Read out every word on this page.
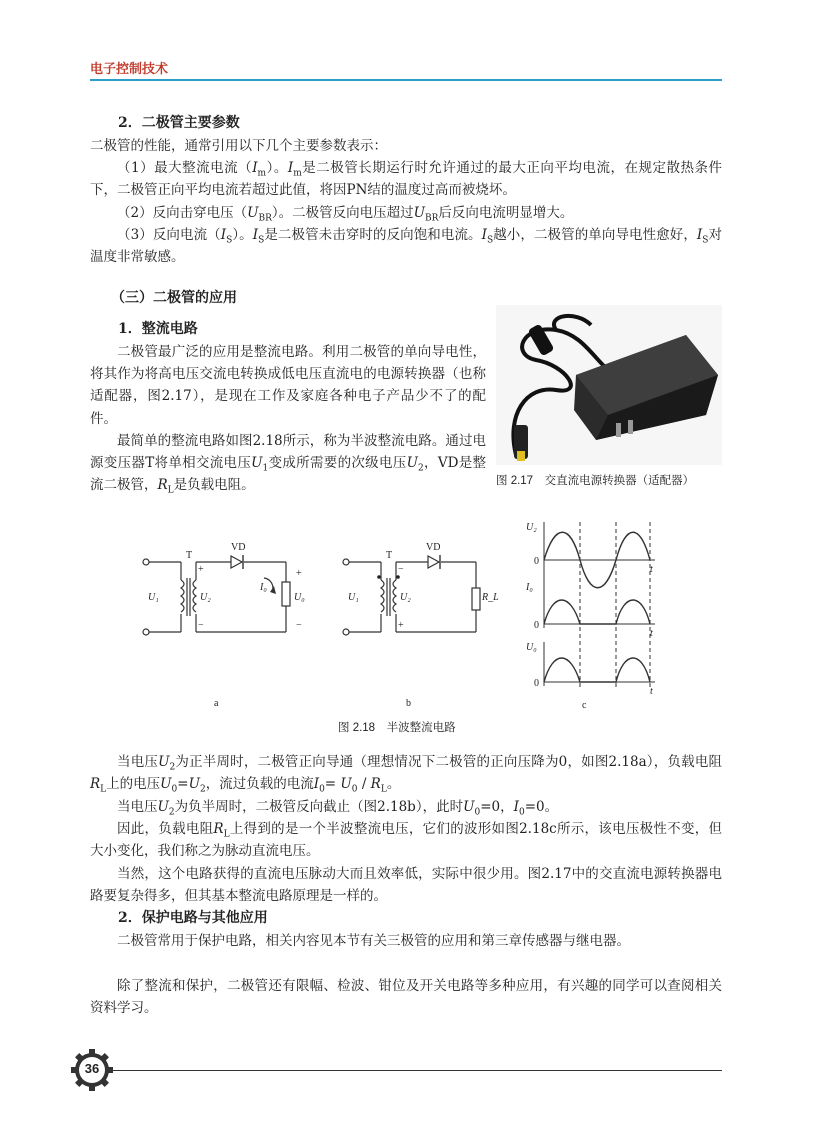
电子控制技术

2．二极管主要参数

二极管的性能，通常引用以下几个主要参数表示：

（1）最大整流电流$(I_m)$。$I_m$是二极管长期运行时允许通过的最大正向平均电流，在规定散热条件下，二极管正向平均电流若超过此值，将因PN结的温度过高而被烧坏。

（2）反向击穿电压$(U_{BR})$。二极管反向电压超过$U_{BR}$后反向电流明显增大。

（3）反向电流$(I_S)$。$I_S$是二极管未击穿时的反向饱和电流。$I_S$越小，二极管的单向导电性愈好，$I_S$对温度非常敏感。

（三）二极管的应用

1．整流电路

二极管最广泛的应用是整流电路。利用二极管的单向导电性，将其作为将高电压交流电转换成低电压直流电的电源转换器（也称适配器，图2.17），是现在工作及家庭各种电子产品少不了的配件。

最简单的整流电路如图2.18所示，称为半波整流电路。通过电源变压器T将单相交流电压$U_1$变成所需要的次级电压$U_2$，VD是整流二极管，$R_L$是负载电阻。	图 2.17　交直流电源转换器（适配器）
T
VD
+
−
+
−
U₁	U₂
I₀
U₀
T
VD
−
+
U₁	U₂	R_L
a	b
U₂
I₀
U₀
0
0
0
t
t
t
c
图 2.18　半波整流电路

当电压$U_2$为正半周时，二极管正向导通（理想情况下二极管的正向压降为0，如图2.18a），负载电阻$R_L$上的电压$U_0=U_2$，流过负载的电流$I_0= U_0 / R_L$。

当电压$U_2$为负半周时，二极管反向截止（图2.18b），此时$U_0=0$，$I_0=0$。

因此，负载电阻$R_L$上得到的是一个半波整流电压，它们的波形如图2.18c所示，该电压极性不变，但大小变化，我们称之为脉动直流电压。

当然，这个电路获得的直流电压脉动大而且效率低，实际中很少用。图2.17中的交直流电源转换器电路要复杂得多，但其基本整流电路原理是一样的。

2．保护电路与其他应用

二极管常用于保护电路，相关内容见本节有关三极管的应用和第三章传感器与继电器。

除了整流和保护，二极管还有限幅、检波、钳位及开关电路等多种应用，有兴趣的同学可以查阅相关资料学习。

36
